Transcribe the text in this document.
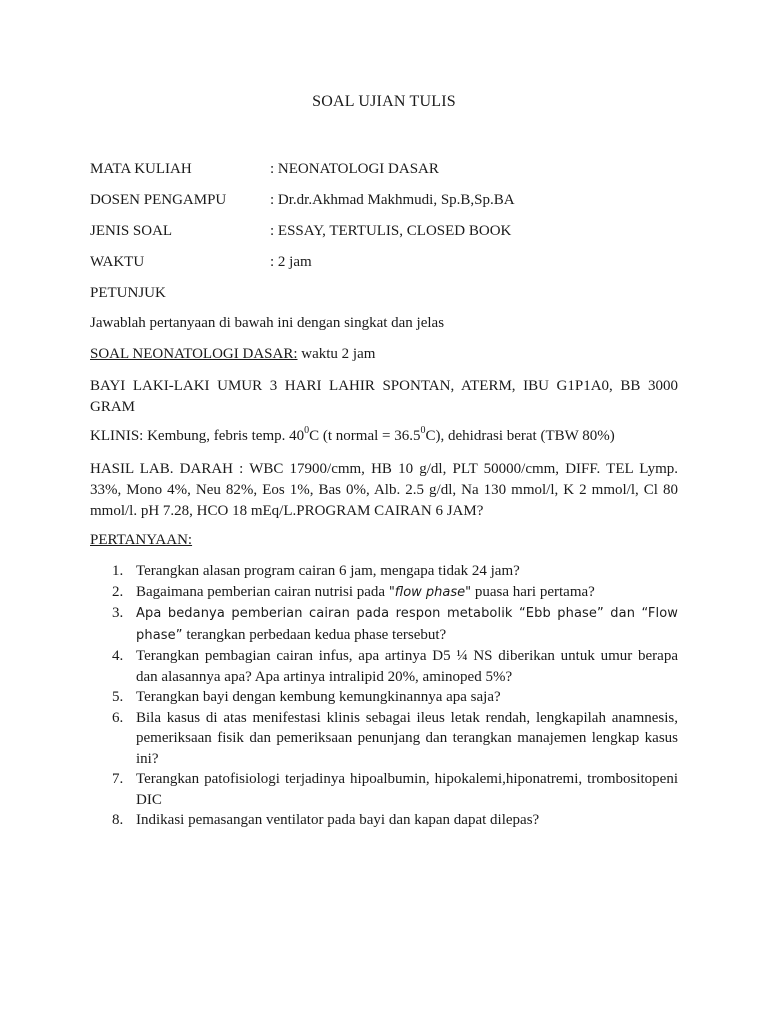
SOAL UJIAN TULIS
MATA KULIAH	: NEONATOLOGI DASAR
DOSEN PENGAMPU	: Dr.dr.Akhmad Makhmudi, Sp.B,Sp.BA
JENIS SOAL	: ESSAY, TERTULIS, CLOSED BOOK
WAKTU	: 2 jam
PETUNJUK
Jawablah pertanyaan di bawah ini dengan singkat dan jelas
SOAL NEONATOLOGI DASAR: waktu 2 jam
BAYI LAKI-LAKI UMUR 3 HARI LAHIR SPONTAN, ATERM, IBU G1P1A0, BB 3000 GRAM
KLINIS: Kembung, febris temp. $40^0C$ (t normal = $36.5^0C$), dehidrasi berat (TBW 80%)
HASIL LAB. DARAH : WBC 17900/cmm, HB 10 g/dl, PLT 50000/cmm, DIFF. TEL Lymp. 33%, Mono 4%, Neu 82%, Eos 1%, Bas 0%, Alb. 2.5 g/dl, Na 130 mmol/l, K 2 mmol/l, Cl 80 mmol/l. pH 7.28, HCO 18 mEq/L.PROGRAM CAIRAN 6 JAM?
PERTANYAAN:
1. Terangkan alasan program cairan 6 jam, mengapa tidak 24 jam?
2. Bagaimana pemberian cairan nutrisi pada "flow phase" puasa hari pertama?
3. Apa bedanya pemberian cairan pada respon metabolik “Ebb phase” dan “Flow phase” terangkan perbedaan kedua phase tersebut?
4. Terangkan pembagian cairan infus, apa artinya D5 ¼ NS diberikan untuk umur berapa dan alasannya apa? Apa artinya intralipid 20%, aminoped 5%?
5. Terangkan bayi dengan kembung kemungkinannya apa saja?
6. Bila kasus di atas menifestasi klinis sebagai ileus letak rendah, lengkapilah anamnesis, pemeriksaan fisik dan pemeriksaan penunjang dan terangkan manajemen lengkap kasus ini?
7. Terangkan patofisiologi terjadinya hipoalbumin, hipokalemi,hiponatremi, trombositopeni DIC
8. Indikasi pemasangan ventilator pada bayi dan kapan dapat dilepas?
